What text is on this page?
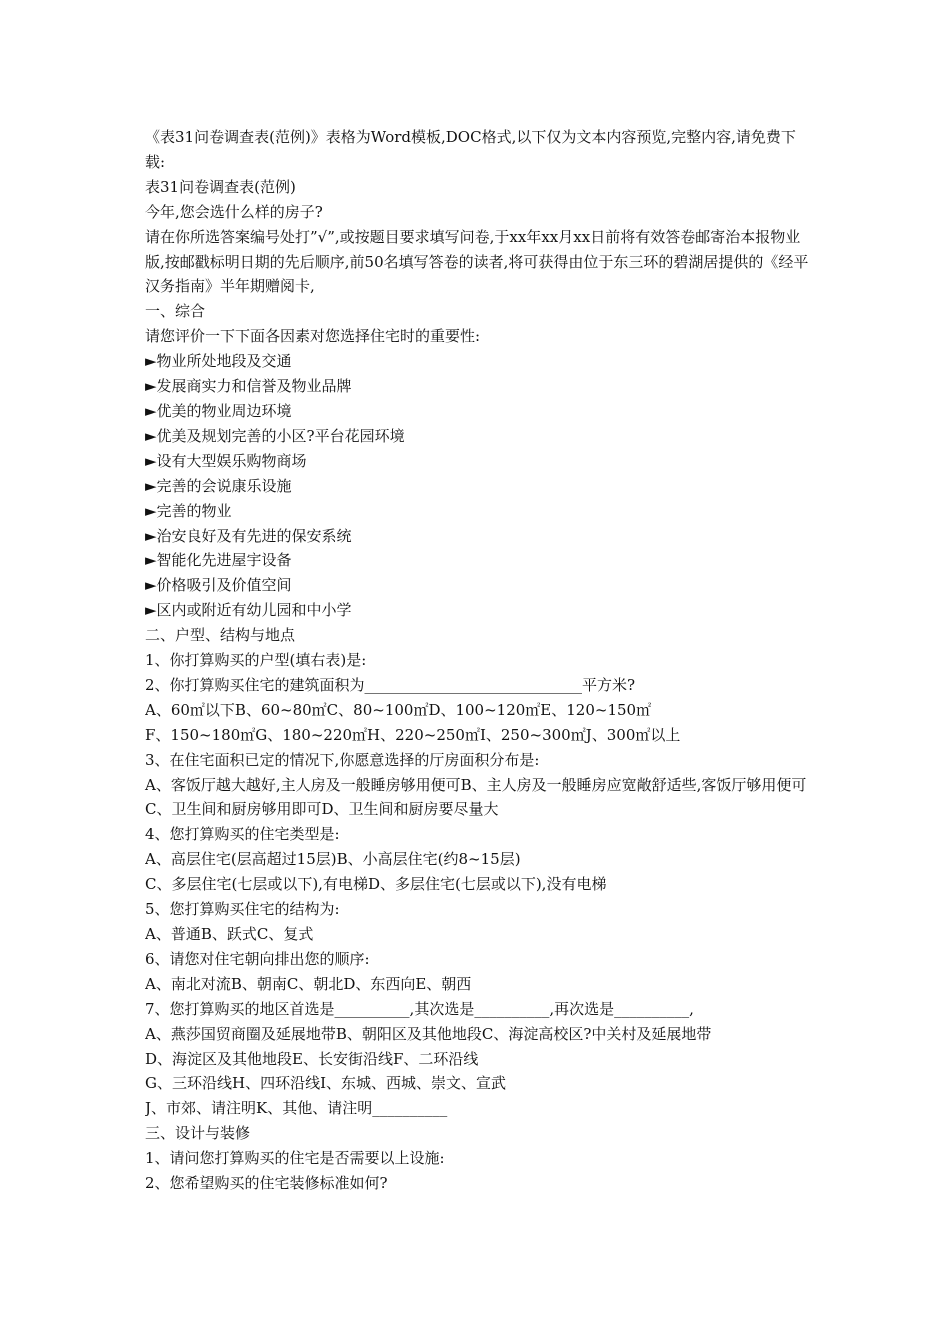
《表31问卷调查表(范例)》表格为Word模板,DOC格式,以下仅为文本内容预览,完整内容,请免费下载:
表31问卷调查表(范例)
今年,您会选什么样的房子?
请在你所选答案编号处打”√”,或按题目要求填写问卷,于xx年xx月xx日前将有效答卷邮寄治本报物业版,按邮戳标明日期的先后顺序,前50名填写答卷的读者,将可获得由位于东三环的碧湖居提供的《经平汉务指南》半年期赠阅卡,
一、综合
请您评价一下下面各因素对您选择住宅时的重要性:
►物业所处地段及交通
►发展商实力和信誉及物业品牌
►优美的物业周边环境
►优美及规划完善的小区?平台花园环境
►设有大型娱乐购物商场
►完善的会说康乐设施
►完善的物业
►治安良好及有先进的保安系统
►智能化先进屋宇设备
►价格吸引及价值空间
►区内或附近有幼儿园和中小学
二、户型、结构与地点
1、你打算购买的户型(填右表)是:
2、你打算购买住宅的建筑面积为_____________________________平方米?
A、60㎡以下B、60~80㎡C、80~100㎡D、100~120㎡E、120~150㎡
F、150~180㎡G、180~220㎡H、220~250㎡I、250~300㎡J、300㎡以上
3、在住宅面积已定的情况下,你愿意选择的厅房面积分布是:
A、客饭厅越大越好,主人房及一般睡房够用便可B、主人房及一般睡房应宽敞舒适些,客饭厅够用便可
C、卫生间和厨房够用即可D、卫生间和厨房要尽量大
4、您打算购买的住宅类型是:
A、高层住宅(层高超过15层)B、小高层住宅(约8~15层)
C、多层住宅(七层或以下),有电梯D、多层住宅(七层或以下),没有电梯
5、您打算购买住宅的结构为:
A、普通B、跃式C、复式
6、请您对住宅朝向排出您的顺序:
A、南北对流B、朝南C、朝北D、东西向E、朝西
7、您打算购买的地区首选是__________,其次选是__________,再次选是__________,
A、燕莎国贸商圈及延展地带B、朝阳区及其他地段C、海淀高校区?中关村及延展地带
D、海淀区及其他地段E、长安街沿线F、二环沿线
G、三环沿线H、四环沿线I、东城、西城、崇文、宣武
J、市郊、请注明K、其他、请注明__________
三、设计与装修
1、请问您打算购买的住宅是否需要以上设施:
2、您希望购买的住宅装修标准如何?
